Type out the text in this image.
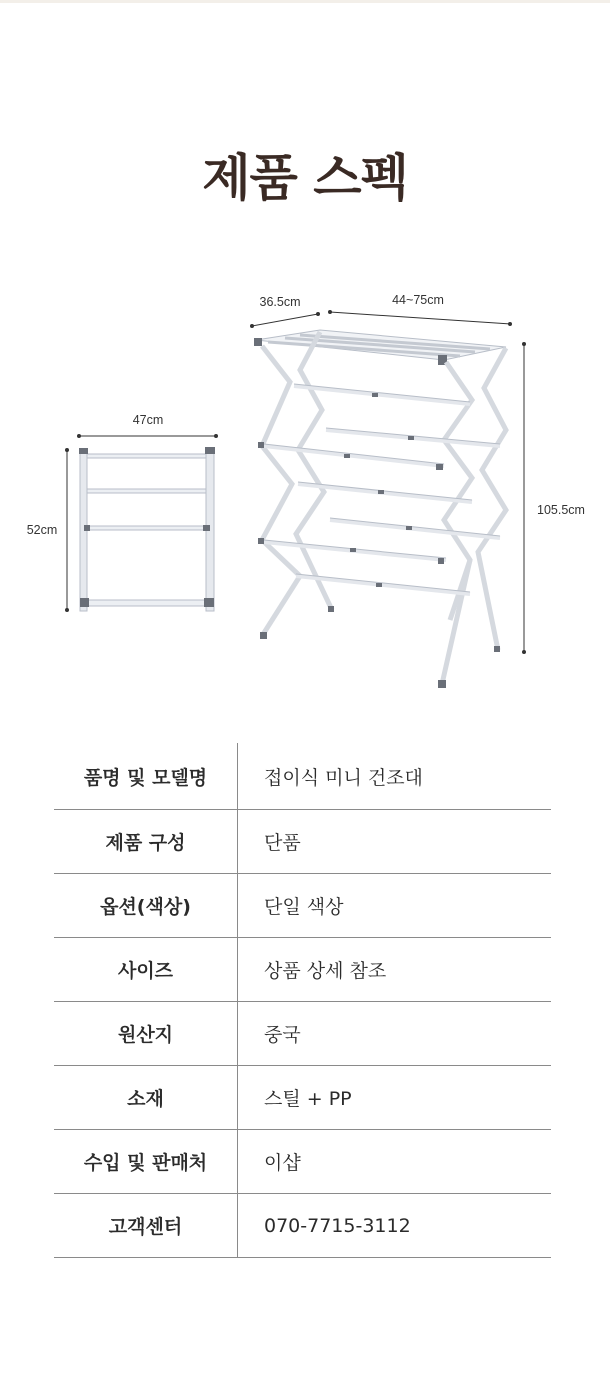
제품 스펙
47cm
52cm
36.5cm	44~75cm
105.5cm
품명 및 모델명	접이식 미니 건조대
제품 구성	단품
옵션(색상)	단일 색상
사이즈	상품 상세 참조
원산지	중국
소재	스틸 + PP
수입 및 판매처	이샵
고객센터	070-7715-3112
